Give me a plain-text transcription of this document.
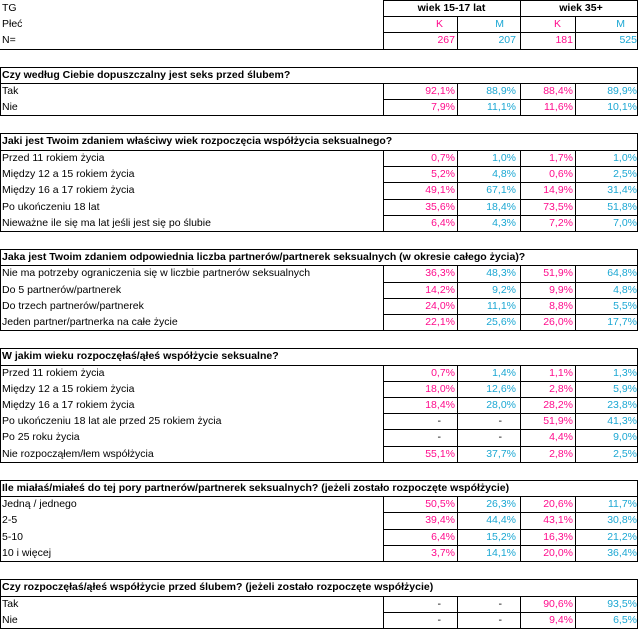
TG	wiek 15-17 lat	wiek 35+
Płeć	K	M	K	M
N=	267	207	181	525
Czy według Ciebie dopuszczalny jest seks przed ślubem?
Tak	92,1%	88,9%	88,4%	89,9%
Nie	7,9%	11,1%	11,6%	10,1%
Jaki jest Twoim zdaniem właściwy wiek rozpoczęcia współżycia seksualnego?
Przed 11 rokiem życia	0,7%	1,0%	1,7%	1,0%
Między 12 a 15 rokiem życia	5,2%	4,8%	0,6%	2,5%
Między 16 a 17 rokiem życia	49,1%	67,1%	14,9%	31,4%
Po ukończeniu 18 lat	35,6%	18,4%	73,5%	51,8%
Nieważne ile się ma lat jeśli jest się po ślubie	6,4%	4,3%	7,2%	7,0%
Jaka jest Twoim zdaniem odpowiednia liczba partnerów/partnerek seksualnych (w okresie całego życia)?
Nie ma potrzeby ograniczenia się w liczbie partnerów seksualnych	36,3%	48,3%	51,9%	64,8%
Do 5 partnerów/partnerek	14,2%	9,2%	9,9%	4,8%
Do trzech partnerów/partnerek	24,0%	11,1%	8,8%	5,5%
Jeden partner/partnerka na całe życie	22,1%	25,6%	26,0%	17,7%
W jakim wieku rozpoczęłaś/ąłeś współżycie seksualne?
Przed 11 rokiem życia	0,7%	1,4%	1,1%	1,3%
Między 12 a 15 rokiem życia	18,0%	12,6%	2,8%	5,9%
Między 16 a 17 rokiem życia	18,4%	28,0%	28,2%	23,8%
Po ukończeniu 18 lat ale przed 25 rokiem życia	-	-	51,9%	41,3%
Po 25 roku życia	-	-	4,4%	9,0%
Nie rozpocząłem/łem współżycia	55,1%	37,7%	2,8%	2,5%
Ile miałaś/miałeś do tej pory partnerów/partnerek seksualnych? (jeżeli zostało rozpoczęte współżycie)
Jedną / jednego	50,5%	26,3%	20,6%	11,7%
2-5	39,4%	44,4%	43,1%	30,8%
5-10	6,4%	15,2%	16,3%	21,2%
10 i więcej	3,7%	14,1%	20,0%	36,4%
Czy rozpoczęłaś/ąłeś współżycie przed ślubem? (jeżeli zostało rozpoczęte współżycie)
Tak	-	-	90,6%	93,5%
Nie	-	-	9,4%	6,5%
